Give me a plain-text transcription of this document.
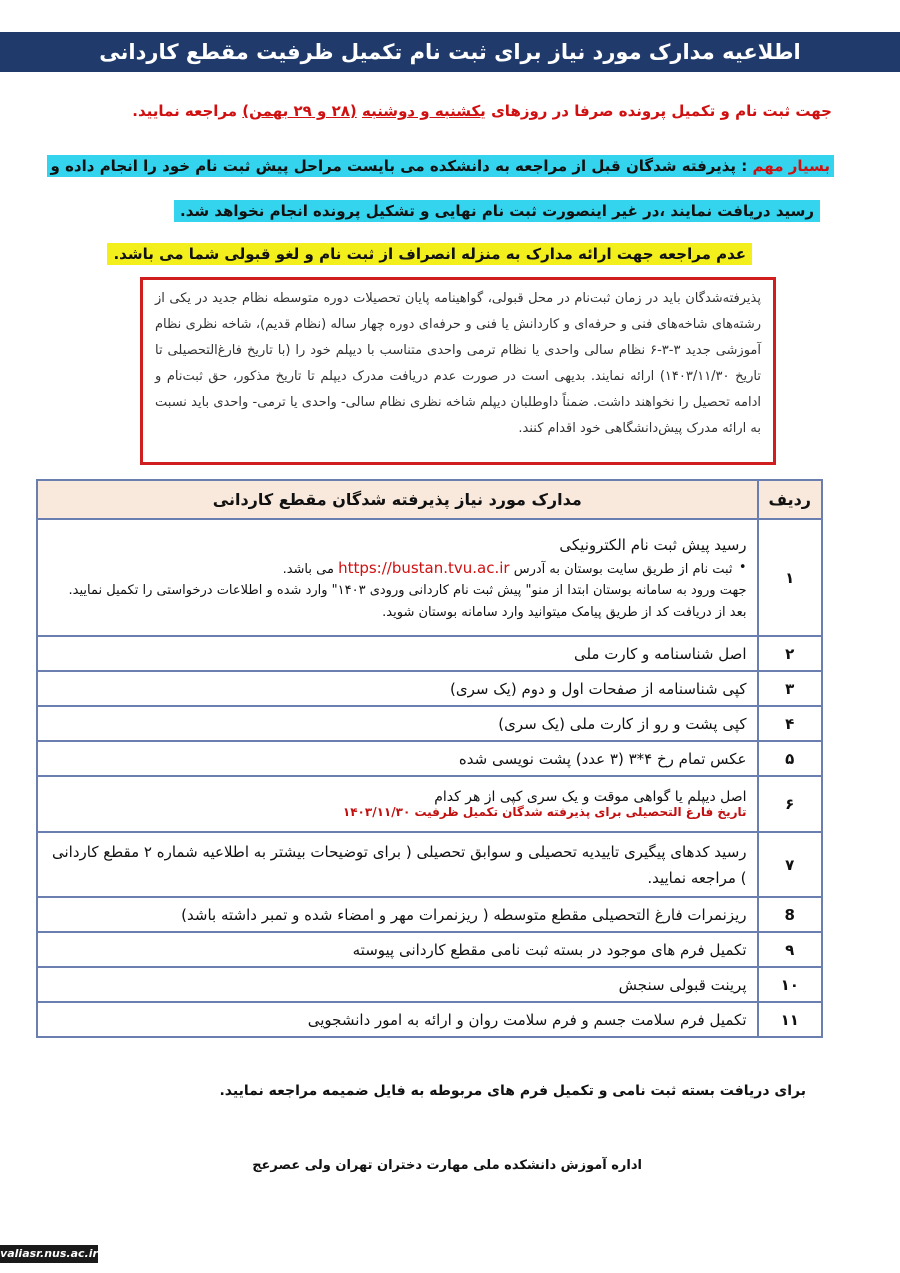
اطلاعیه مدارک مورد نیاز برای ثبت نام تکمیل ظرفیت مقطع کاردانی
جهت ثبت نام و تکمیل پرونده صرفا در روزهای یکشنبه و دوشنبه (۲۸ و ۲۹ بهمن) مراجعه نمایید.
بسیار مهم : پذیرفته شدگان قبل از مراجعه به دانشکده می بایست مراحل پیش ثبت نام خود را انجام داده و
رسید دریافت نمایند ،در غیر اینصورت ثبت نام نهایی و تشکیل پرونده انجام نخواهد شد.
عدم مراجعه جهت ارائه مدارک به منزله انصراف از ثبت نام و لغو قبولی شما می باشد.
پذیرفته‌شدگان باید در زمان ثبت‌نام در محل قبولی، گواهینامه پایان تحصیلات دوره متوسطه نظام جدید در یکی از رشته‌های شاخه‌های فنی و حرفه‌ای و کاردانش یا فنی و حرفه‌ای دوره چهار ساله (نظام قدیم)، شاخه نظری نظام آموزشی جدید ۳-۳-۶ نظام سالی واحدی یا نظام ترمی واحدی متناسب با دیپلم خود را (با تاریخ فارغ‌التحصیلی تا تاریخ ۱۴۰۳/۱۱/۳۰) ارائه نمایند. بدیهی است در صورت عدم دریافت مدرک دیپلم تا تاریخ مذکور، حق ثبت‌نام و ادامه تحصیل را نخواهند داشت. ضمناً داوطلبان دیپلم شاخه نظری نظام سالی- واحدی یا ترمی- واحدی باید نسبت به ارائه مدرک پیش‌دانشگاهی خود اقدام کنند.
ردیف	مدارک مورد نیاز پذیرفته شدگان مقطع کاردانی
۱	رسید پیش ثبت نام الکترونیکی
• ثبت نام از طریق سایت بوستان به آدرس https://bustan.tvu.ac.ir می باشد.
جهت ورود به سامانه بوستان ابتدا از منو" پیش ثبت نام کاردانی ورودی ۱۴۰۳" وارد شده و اطلاعات درخواستی را تکمیل نمایید. بعد از دریافت کد از طریق پیامک میتوانید وارد سامانه بوستان شوید.

۲	اصل شناسنامه و کارت ملی
۳	کپی شناسنامه از صفحات اول و دوم (یک سری)
۴	کپی پشت و رو از کارت ملی (یک سری)
۵	عکس تمام رخ ۴*۳ (۳ عدد) پشت نویسی شده
۶	اصل دیپلم یا گواهی موقت و یک سری کپی از هر کدام
تاریخ فارغ التحصیلی برای پذیرفته شدگان تکمیل ظرفیت ۱۴۰۳/۱۱/۳۰

۷	رسید کدهای پیگیری تاییدیه تحصیلی و سوابق تحصیلی ( برای توضیحات بیشتر به اطلاعیه شماره ۲ مقطع کاردانی ) مراجعه نمایید.
8	ریزنمرات فارغ التحصیلی مقطع متوسطه ( ریزنمرات مهر و امضاء شده و تمبر داشته باشد)
۹	تکمیل فرم های موجود در بسته ثبت نامی مقطع کاردانی پیوسته
۱۰	پرینت قبولی سنجش
۱۱	تکمیل فرم سلامت جسم و فرم سلامت روان و ارائه به امور دانشجویی
برای دریافت بسته ثبت نامی و تکمیل فرم های مربوطه به فایل ضمیمه مراجعه نمایید.
اداره آموزش دانشکده ملی مهارت دختران تهران ولی عصرعج
valiasr.nus.ac.ir
